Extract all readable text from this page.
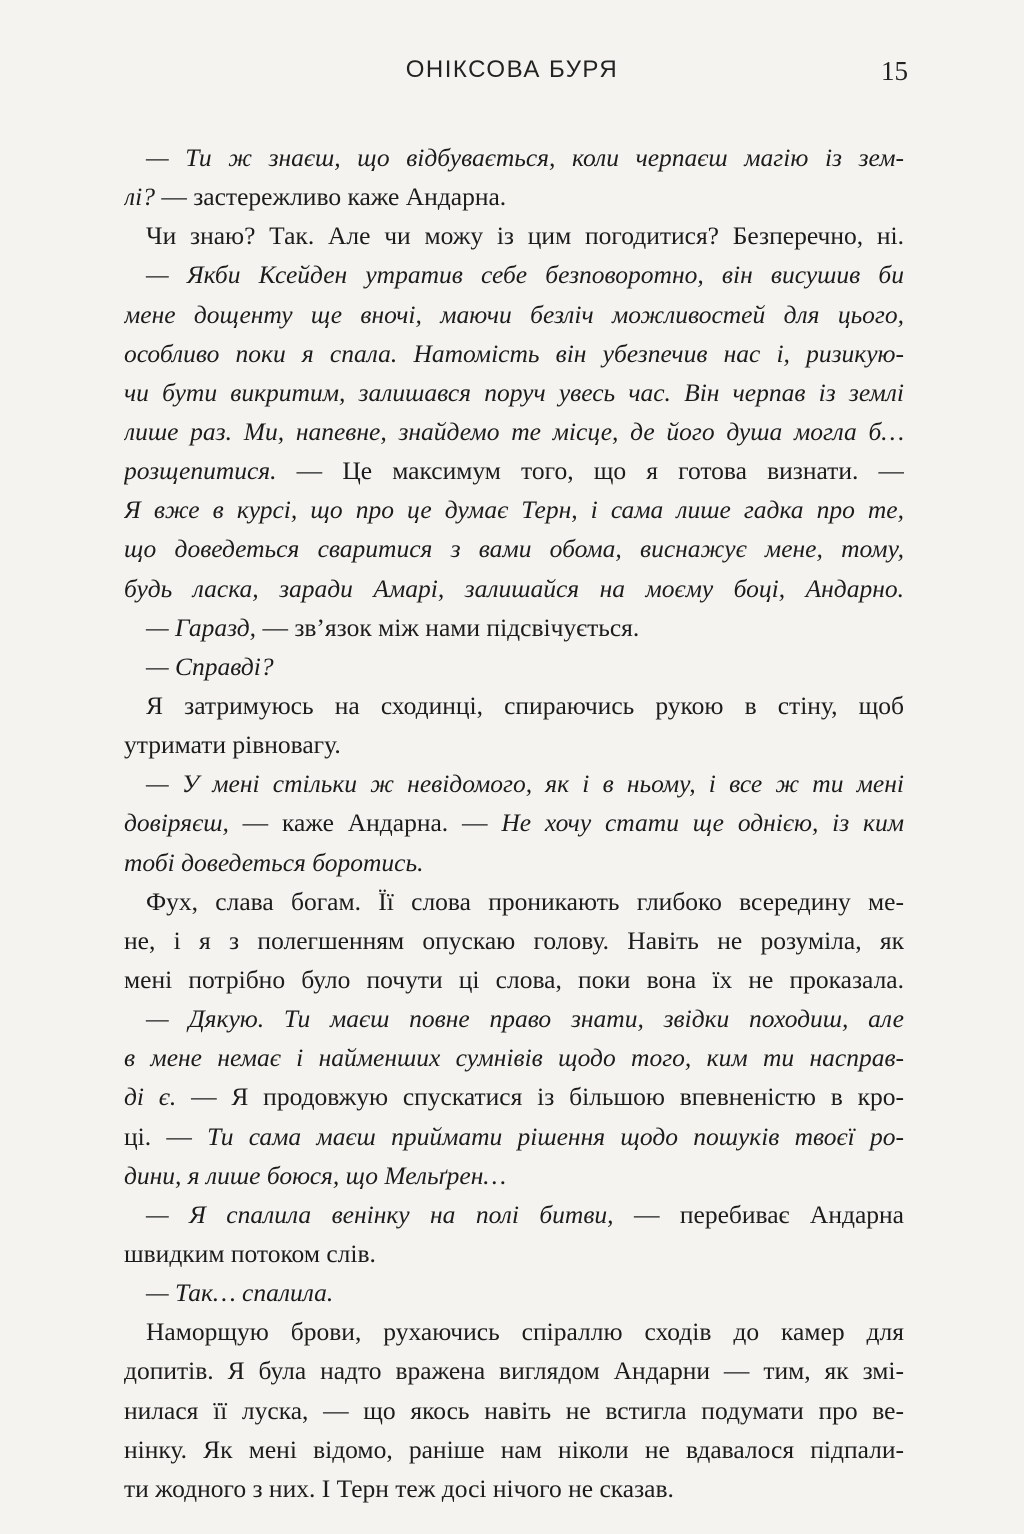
ОНІКСОВА БУРЯ	15
— Ти ж знаєш, що відбувається, коли черпаєш магію із зем-
лі? — застережливо каже Андарна.
Чи знаю? Так. Але чи можу із цим погодитися? Безперечно, ні.
— Якби Ксейден утратив себе безповоротно, він висушив би
мене дощенту ще вночі, маючи безліч можливостей для цього,
особливо поки я спала. Натомість він убезпечив нас і, ризикую-
чи бути викритим, залишався поруч увесь час. Він черпав із землі
лише раз. Ми, напевне, знайдемо те місце, де його душа могла б…
розщепитися. — Це максимум того, що я готова визнати. —
Я вже в курсі, що про це думає Терн, і сама лише гадка про те,
що доведеться сваритися з вами обома, виснажує мене, тому,
будь ласка, заради Амарі, залишайся на моєму боці, Андарно.
— Гаразд, — зв’язок між нами підсвічується.
— Справді?
Я затримуюсь на сходинці, спираючись рукою в стіну, щоб
утримати рівновагу.
— У мені стільки ж невідомого, як і в ньому, і все ж ти мені
довіряєш, — каже Андарна. — Не хочу стати ще однією, із ким
тобі доведеться боротись.
Фух, слава богам. Її слова проникають глибоко всередину ме-
не, і я з полегшенням опускаю голову. Навіть не розуміла, як
мені потрібно було почути ці слова, поки вона їх не проказала.
— Дякую. Ти маєш повне право знати, звідки походиш, але
в мене немає і найменших сумнівів щодо того, ким ти насправ-
ді є. — Я продовжую спускатися із більшою впевненістю в кро-
ці. — Ти сама маєш приймати рішення щодо пошуків твоєї ро-
дини, я лише боюся, що Мельґрен…
— Я спалила венінку на полі битви, — перебиває Андарна
швидким потоком слів.
— Так… спалила.
Наморщую брови, рухаючись спіраллю сходів до камер для
допитів. Я була надто вражена виглядом Андарни — тим, як змі-
нилася її луска, — що якось навіть не встигла подумати про ве-
нінку. Як мені відомо, раніше нам ніколи не вдавалося підпали-
ти жодного з них. І Терн теж досі нічого не сказав.
